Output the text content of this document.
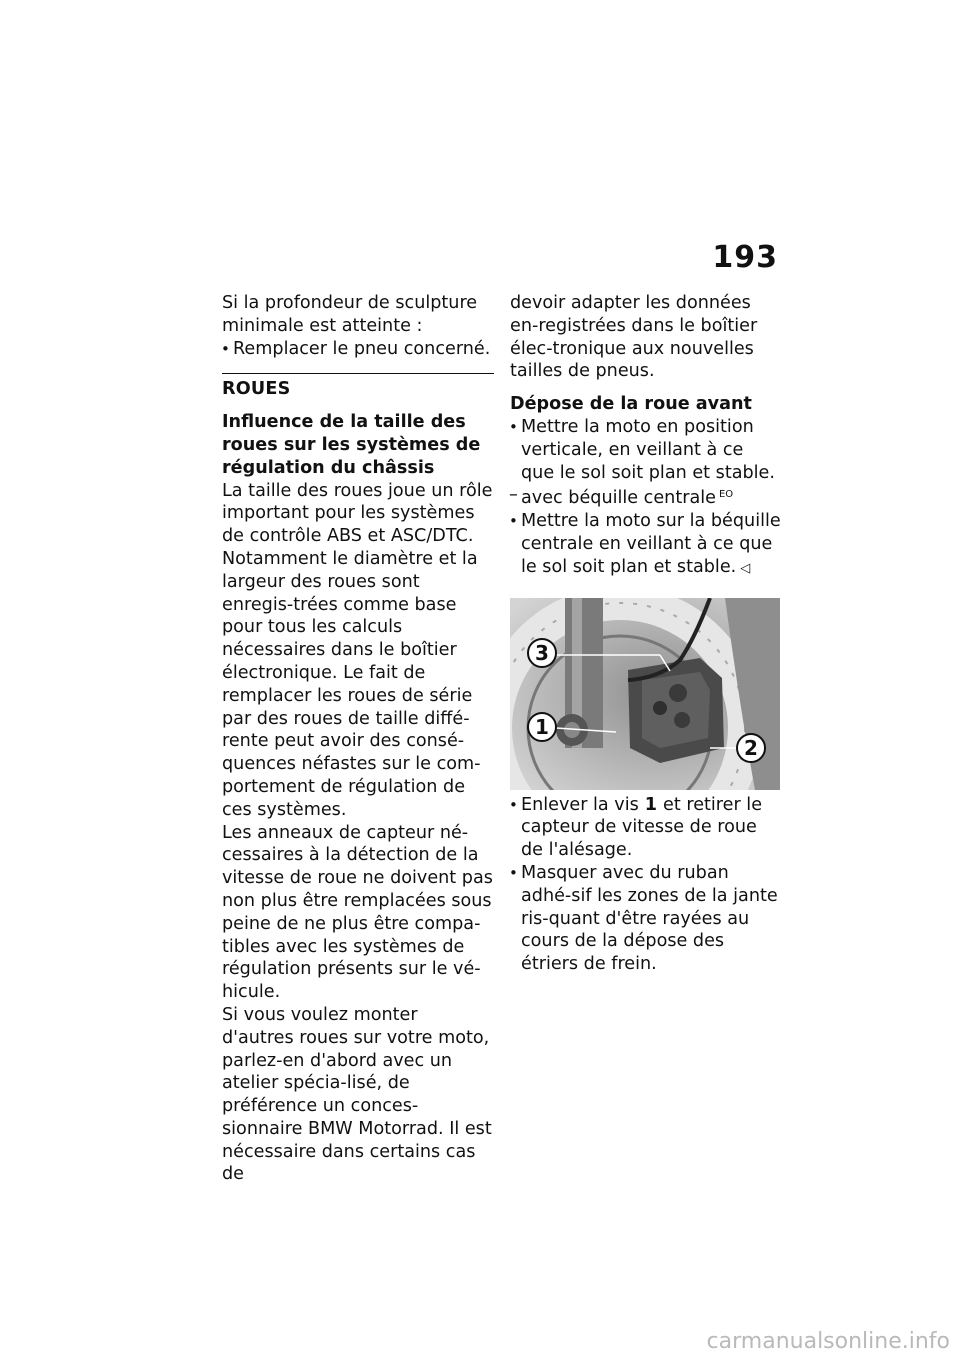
193

Si la profondeur de sculpture

minimale est atteinte :

• Remplacer le pneu concerné.

ROUES

Influence de la taille des roues sur les systèmes de régulation du châssis

La taille des roues joue un rôle important pour les systèmes de contrôle ABS et ASC/DTC. Notamment le diamètre et la largeur des roues sont enregis-trées comme base pour tous les calculs nécessaires dans le boîtier électronique. Le fait de remplacer les roues de série par des roues de taille diffé-rente peut avoir des consé-quences néfastes sur le com-portement de régulation de ces systèmes.

Les anneaux de capteur né-cessaires à la détection de la vitesse de roue ne doivent pas non plus être remplacées sous peine de ne plus être compa-tibles avec les systèmes de régulation présents sur le vé-hicule.

Si vous voulez monter d'autres roues sur votre moto, parlez-en d'abord avec un atelier spécia-lisé, de préférence un conces-sionnaire BMW Motorrad. Il est nécessaire dans certains cas de

devoir adapter les données en-registrées dans le boîtier élec-tronique aux nouvelles tailles de pneus.

Dépose de la roue avant

• Mettre la moto en position verticale, en veillant à ce que le sol soit plan et stable.

– avec béquille centrale $^{EO}$

• Mettre la moto sur la béquille centrale en veillant à ce que le sol soit plan et stable. ◁

3
1
2

• Enlever la vis 1 et retirer le capteur de vitesse de roue de l'alésage.

• Masquer avec du ruban adhé-sif les zones de la jante ris-quant d'être rayées au cours de la dépose des étriers de frein.

carmanualsonline.info
